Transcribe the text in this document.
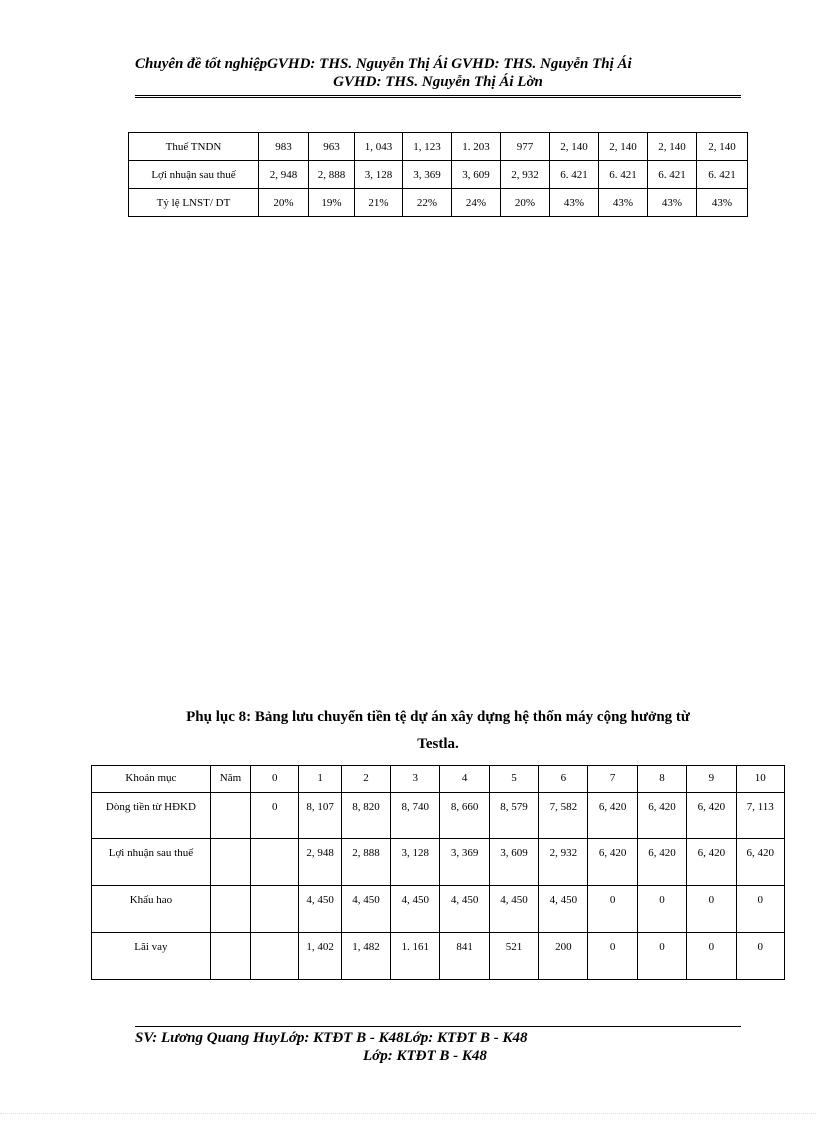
Chuyên đề tốt nghiệpGVHD: THS. Nguyễn Thị Ái GVHD: THS. Nguyễn Thị Ái
GVHD: THS. Nguyễn Thị Ái Lờn
Thuế TNDN	983	963	1, 043	1, 123	1. 203	977	2, 140	2, 140	2, 140	2, 140
Lợi nhuận sau thuế	2, 948	2, 888	3, 128	3, 369	3, 609	2, 932	6. 421	6. 421	6. 421	6. 421
Tỷ lệ LNST/ DT	20%	19%	21%	22%	24%	20%	43%	43%	43%	43%
Phụ lục 8: Bảng lưu chuyển tiền tệ dự án xây dựng hệ thốn máy cộng hưởng từ
Testla.
Khoản mục	Năm	0	1	2	3	4	5	6	7	8	9	10
Dòng tiền từ HĐKD		0	8, 107	8, 820	8, 740	8, 660	8, 579	7, 582	6, 420	6, 420	6, 420	7, 113
Lợi nhuận sau thuế			2, 948	2, 888	3, 128	3, 369	3, 609	2, 932	6, 420	6, 420	6, 420	6, 420
Khấu hao			4, 450	4, 450	4, 450	4, 450	4, 450	4, 450	0	0	0	0
Lãi vay			1, 402	1, 482	1. 161	841	521	200	0	0	0	0
SV: Lương Quang HuyLớp: KTĐT B - K48Lớp: KTĐT B - K48
Lớp: KTĐT B - K48
